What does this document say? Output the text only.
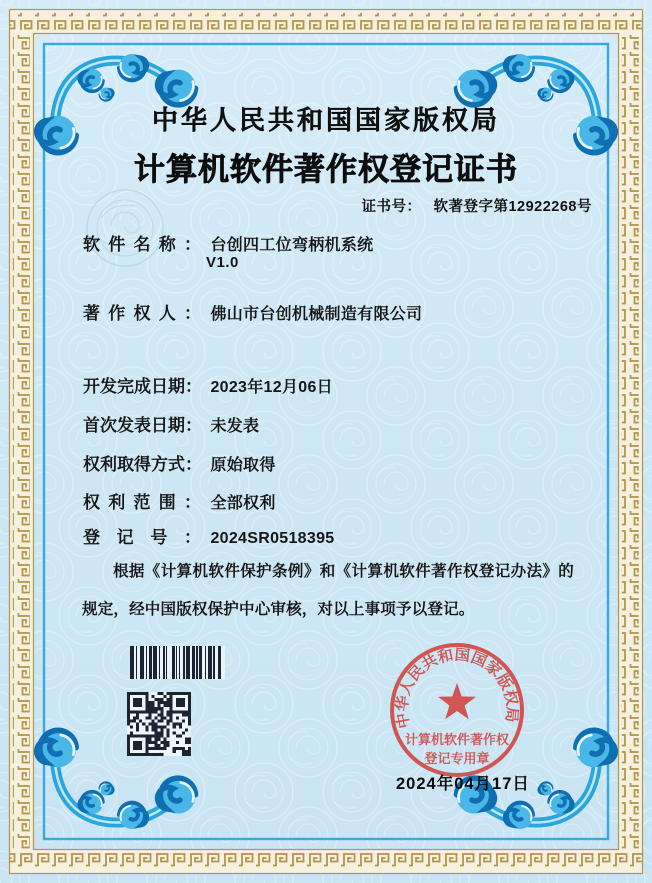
中华人民共和国国家版权局
计算机软件著作权登记证书
证书号： 软著登字第12922268号
软件名称： 台创四工位弯柄机系统
V1.0
著作权人： 佛山市台创机械制造有限公司
开发完成日期： 2023年12月06日
首次发表日期： 未发表
权利取得方式： 原始取得
权利范围： 全部权利
登记号： 2024SR0518395
根据《计算机软件保护条例》和《计算机软件著作权登记办法》的规定，经中国版权保护中心审核，对以上事项予以登记。
中华人民共和国国家版权局
计算机软件著作权
登记专用章
2024年04月17日
